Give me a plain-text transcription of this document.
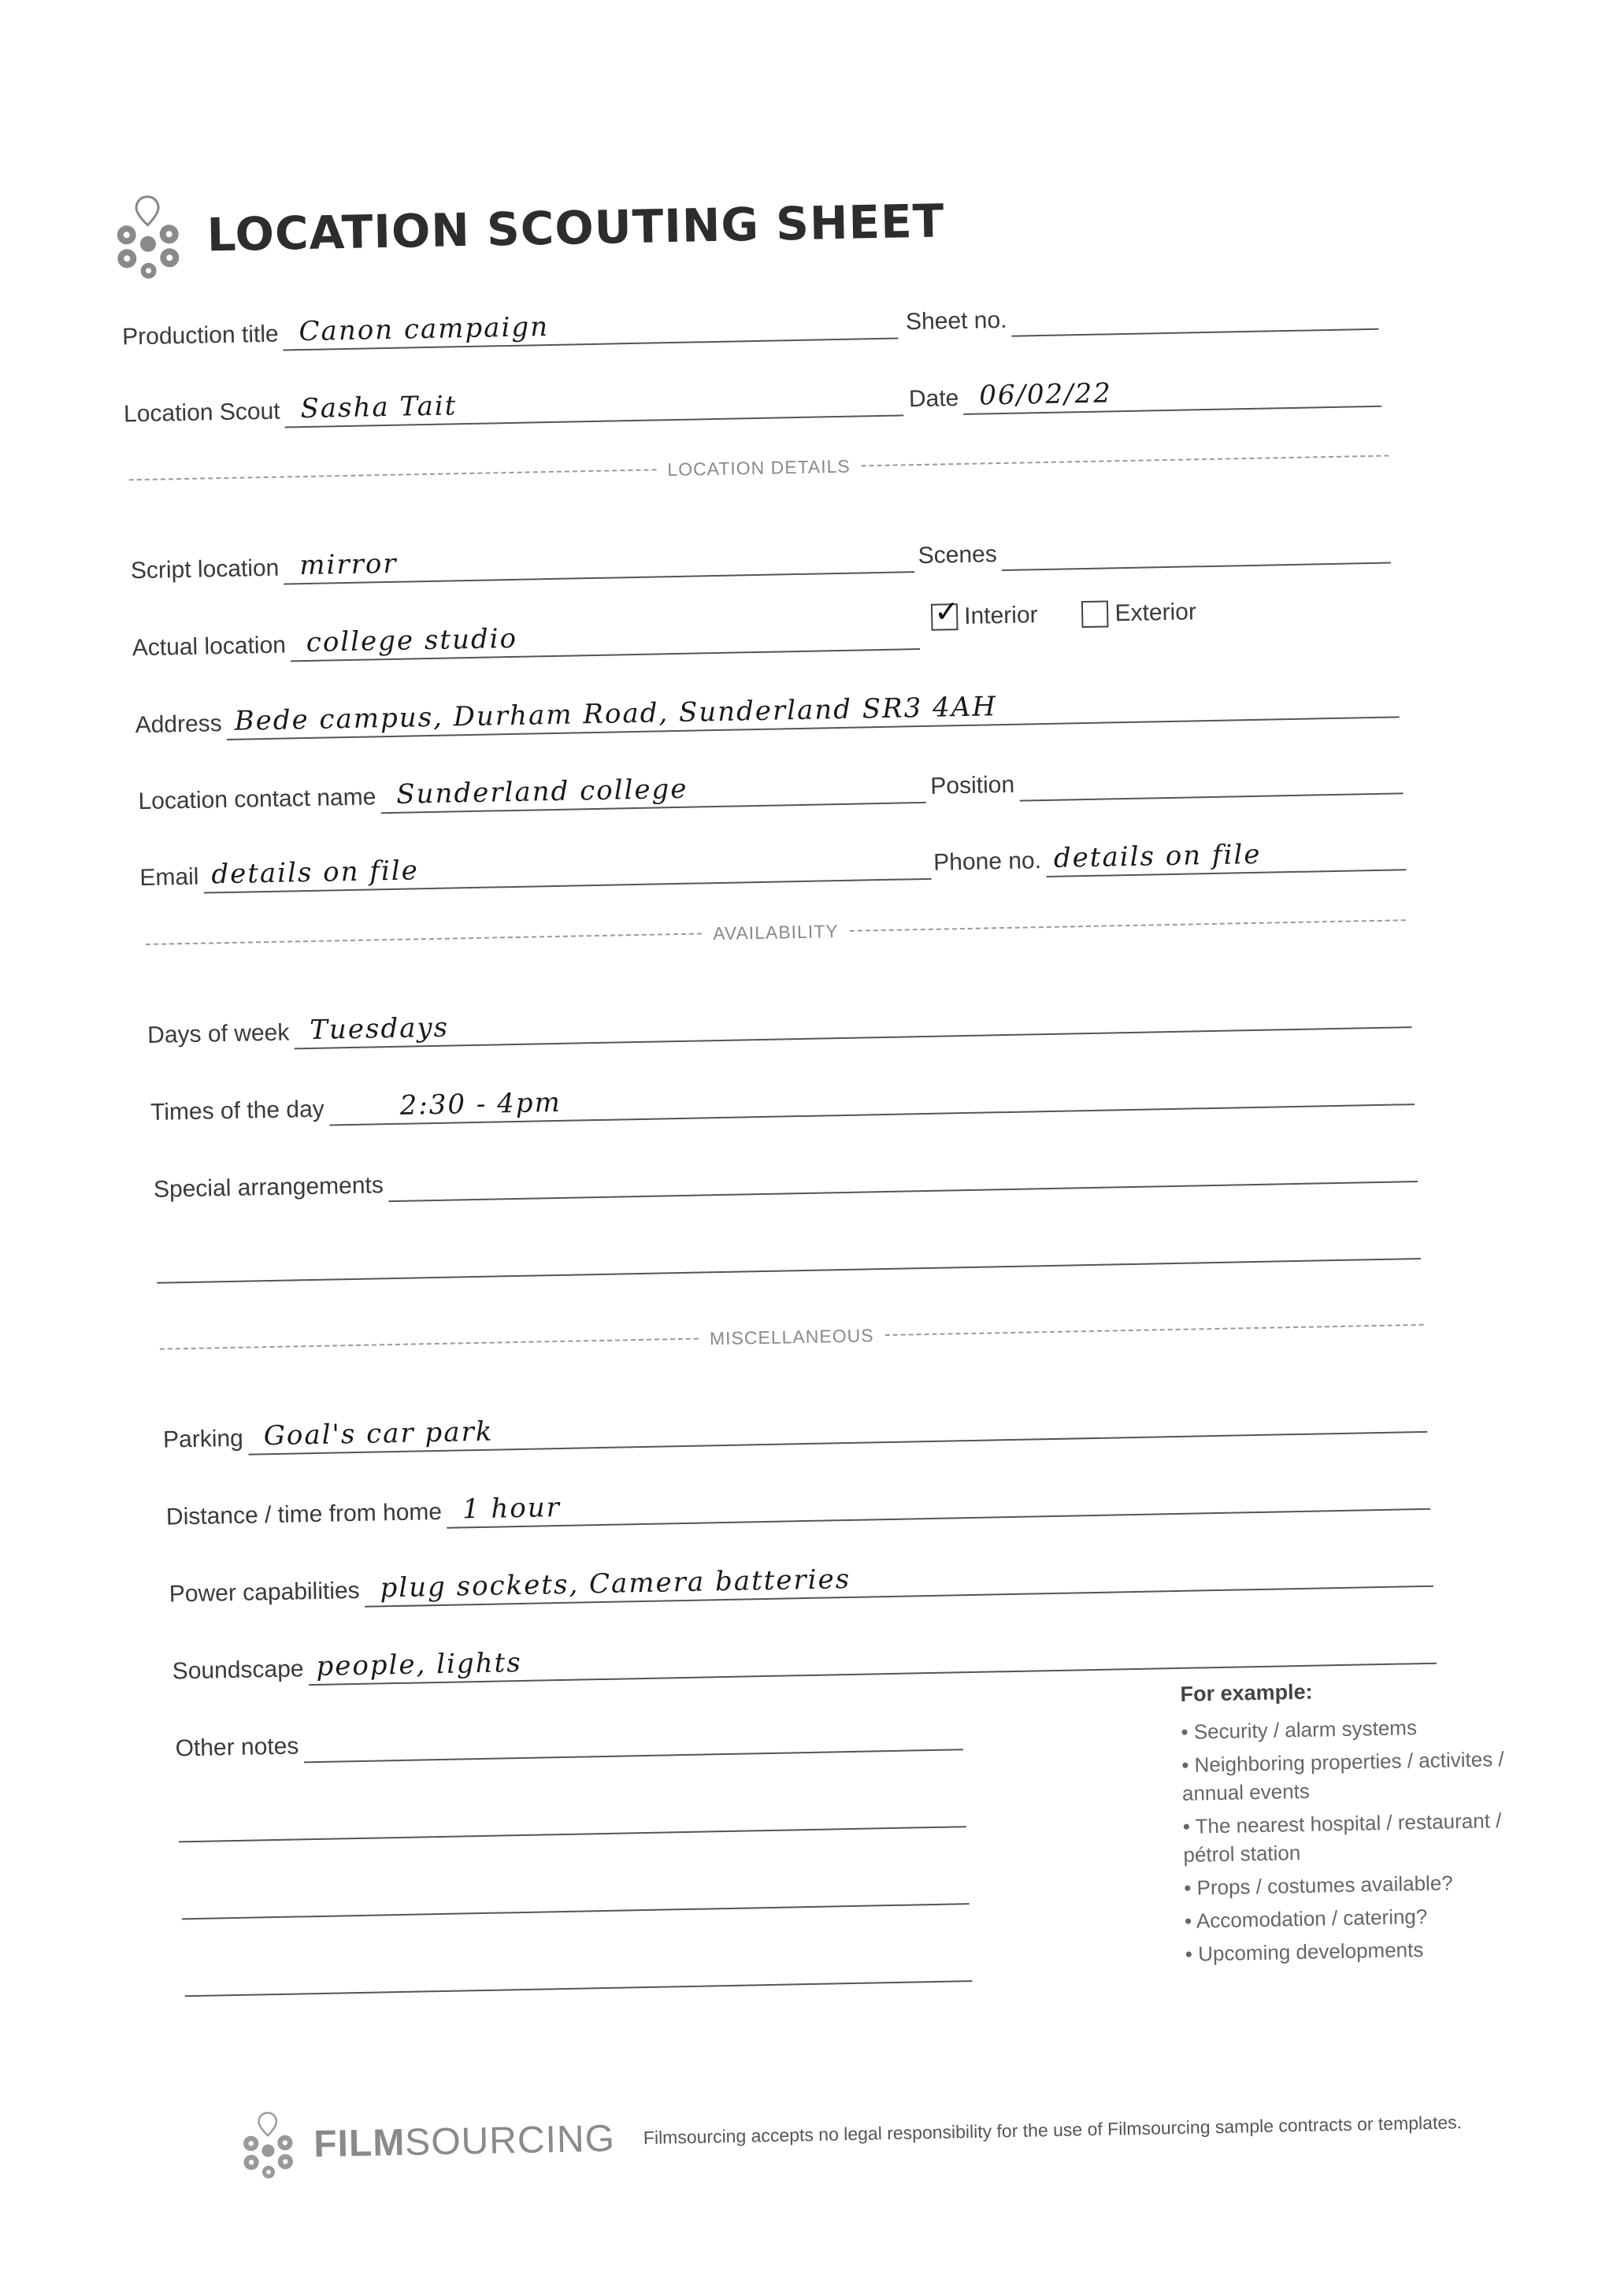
LOCATION SCOUTING SHEET
Production title Canon campaign	Sheet no.
Location Scout Sasha Tait	Date 06/02/22
LOCATION DETAILS
Script location mirror	Scenes
Actual location college studio
✓ Interior	Exterior
Address Bede campus, Durham Road, Sunderland SR3 4AH
Location contact name Sunderland college	Position
Email details on file	Phone no. details on file
AVAILABILITY
Days of week Tuesdays
Times of the day	2:30 - 4pm
Special arrangements
MISCELLANEOUS
Parking Goal's car park
Distance / time from home 1 hour
Power capabilities plug sockets, Camera batteries
Soundscape people, lights
Other notes
For example:
• Security / alarm systems
• Neighboring properties / activites / annual events
• The nearest hospital / restaurant / pétrol station
• Props / costumes available?
• Accomodation / catering?
• Upcoming developments
FILMSOURCING Filmsourcing accepts no legal responsibility for the use of Filmsourcing sample contracts or templates.
